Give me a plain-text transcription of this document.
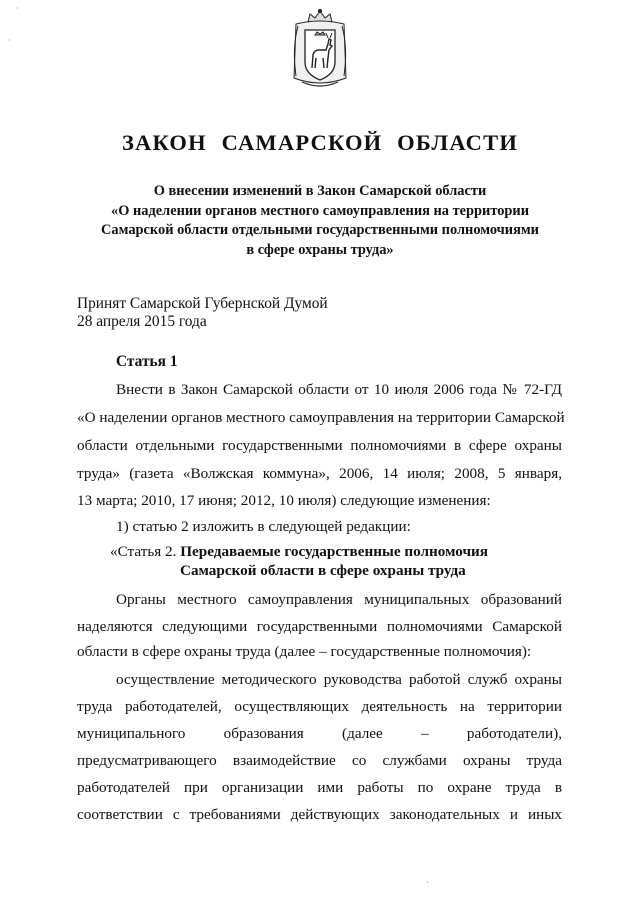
ЗАКОН САМАРСКОЙ ОБЛАСТИ
О внесении изменений в Закон Самарской области
«О наделении органов местного самоуправления на территории
Самарской области отдельными государственными полномочиями
в сфере охраны труда»
Принят Самарской Губернской Думой
28 апреля 2015 года
Статья 1
Внести в Закон Самарской области от 10 июля 2006 года № 72-ГД
«О наделении органов местного самоуправления на территории Самарской
области отдельными государственными полномочиями в сфере охраны
труда» (газета «Волжская коммуна», 2006, 14 июля; 2008, 5 января,
13 марта; 2010, 17 июня; 2012, 10 июля) следующие изменения:
1) статью 2 изложить в следующей редакции:
«Статья 2. Передаваемые государственные полномочия
Самарской области в сфере охраны труда
Органы местного самоуправления муниципальных образований
наделяются следующими государственными полномочиями Самарской
области в сфере охраны труда (далее – государственные полномочия):
осуществление методического руководства работой служб охраны
труда работодателей, осуществляющих деятельность на территории
муниципального образования (далее – работодатели),
предусматривающего взаимодействие со службами охраны труда
работодателей при организации ими работы по охране труда в
соответствии с требованиями действующих законодательных и иных
·
·
·
